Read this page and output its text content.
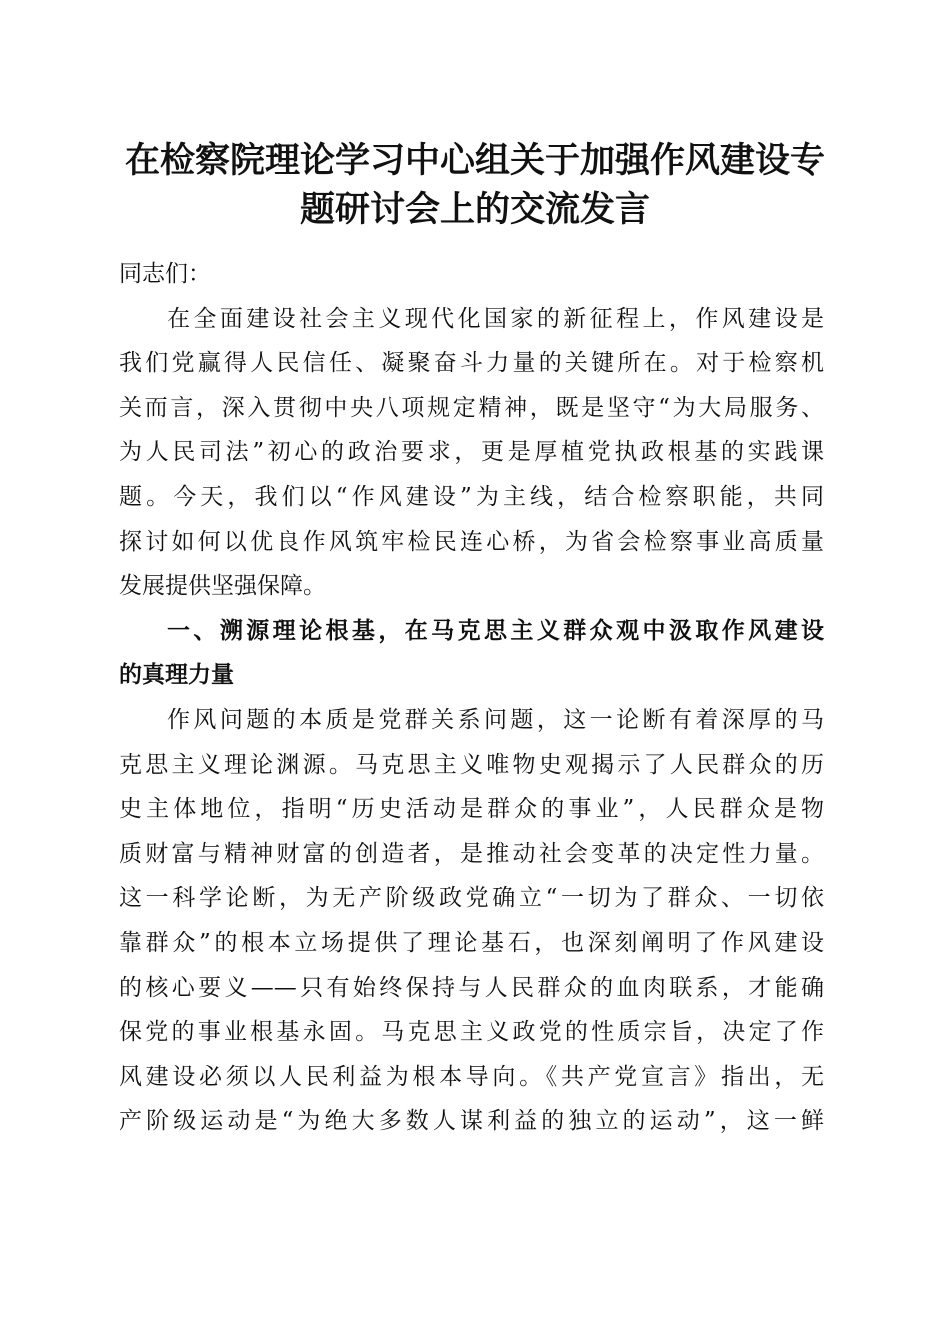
在检察院理论学习中心组关于加强作风建设专
题研讨会上的交流发言
同志们：
在全面建设社会主义现代化国家的新征程上，作风建设是
我们党赢得人民信任、凝聚奋斗力量的关键所在。对于检察机
关而言，深入贯彻中央八项规定精神，既是坚守“为大局服务、
为人民司法”初心的政治要求，更是厚植党执政根基的实践课
题。今天，我们以“作风建设”为主线，结合检察职能，共同
探讨如何以优良作风筑牢检民连心桥，为省会检察事业高质量
发展提供坚强保障。
一、溯源理论根基，在马克思主义群众观中汲取作风建设
的真理力量
作风问题的本质是党群关系问题，这一论断有着深厚的马
克思主义理论渊源。马克思主义唯物史观揭示了人民群众的历
史主体地位，指明“历史活动是群众的事业”，人民群众是物
质财富与精神财富的创造者，是推动社会变革的决定性力量。
这一科学论断，为无产阶级政党确立“一切为了群众、一切依
靠群众”的根本立场提供了理论基石，也深刻阐明了作风建设
的核心要义——只有始终保持与人民群众的血肉联系，才能确
保党的事业根基永固。马克思主义政党的性质宗旨，决定了作
风建设必须以人民利益为根本导向。《共产党宣言》指出，无
产阶级运动是“为绝大多数人谋利益的独立的运动”，这一鲜
